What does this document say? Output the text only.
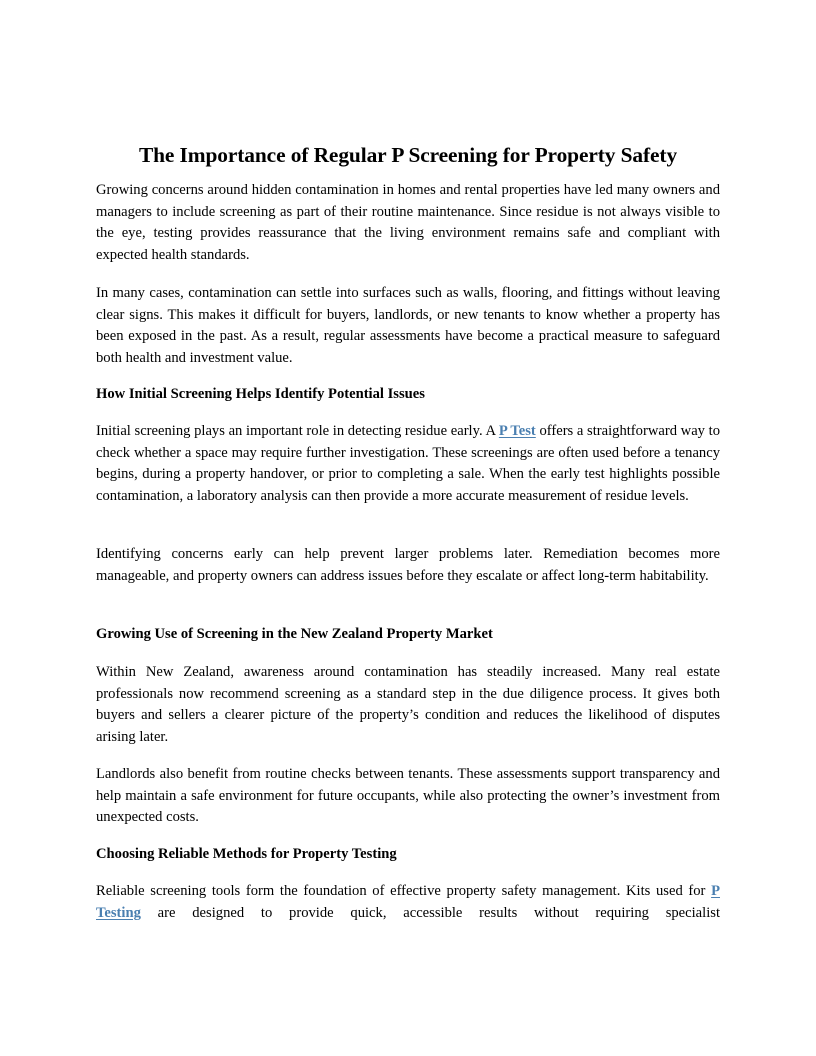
The Importance of Regular P Screening for Property Safety

Growing concerns around hidden contamination in homes and rental properties have led many owners and managers to include screening as part of their routine maintenance. Since residue is not always visible to the eye, testing provides reassurance that the living environment remains safe and compliant with expected health standards.

In many cases, contamination can settle into surfaces such as walls, flooring, and fittings without leaving clear signs. This makes it difficult for buyers, landlords, or new tenants to know whether a property has been exposed in the past. As a result, regular assessments have become a practical measure to safeguard both health and investment value.

How Initial Screening Helps Identify Potential Issues

Initial screening plays an important role in detecting residue early. A P Test offers a straightforward way to check whether a space may require further investigation. These screenings are often used before a tenancy begins, during a property handover, or prior to completing a sale. When the early test highlights possible contamination, a laboratory analysis can then provide a more accurate measurement of residue levels.

Identifying concerns early can help prevent larger problems later. Remediation becomes more manageable, and property owners can address issues before they escalate or affect long-term habitability.

Growing Use of Screening in the New Zealand Property Market

Within New Zealand, awareness around contamination has steadily increased. Many real estate professionals now recommend screening as a standard step in the due diligence process. It gives both buyers and sellers a clearer picture of the property’s condition and reduces the likelihood of disputes arising later.

Landlords also benefit from routine checks between tenants. These assessments support transparency and help maintain a safe environment for future occupants, while also protecting the owner’s investment from unexpected costs.

Choosing Reliable Methods for Property Testing

Reliable screening tools form the foundation of effective property safety management. Kits used for P Testing are designed to provide quick, accessible results without requiring specialist
